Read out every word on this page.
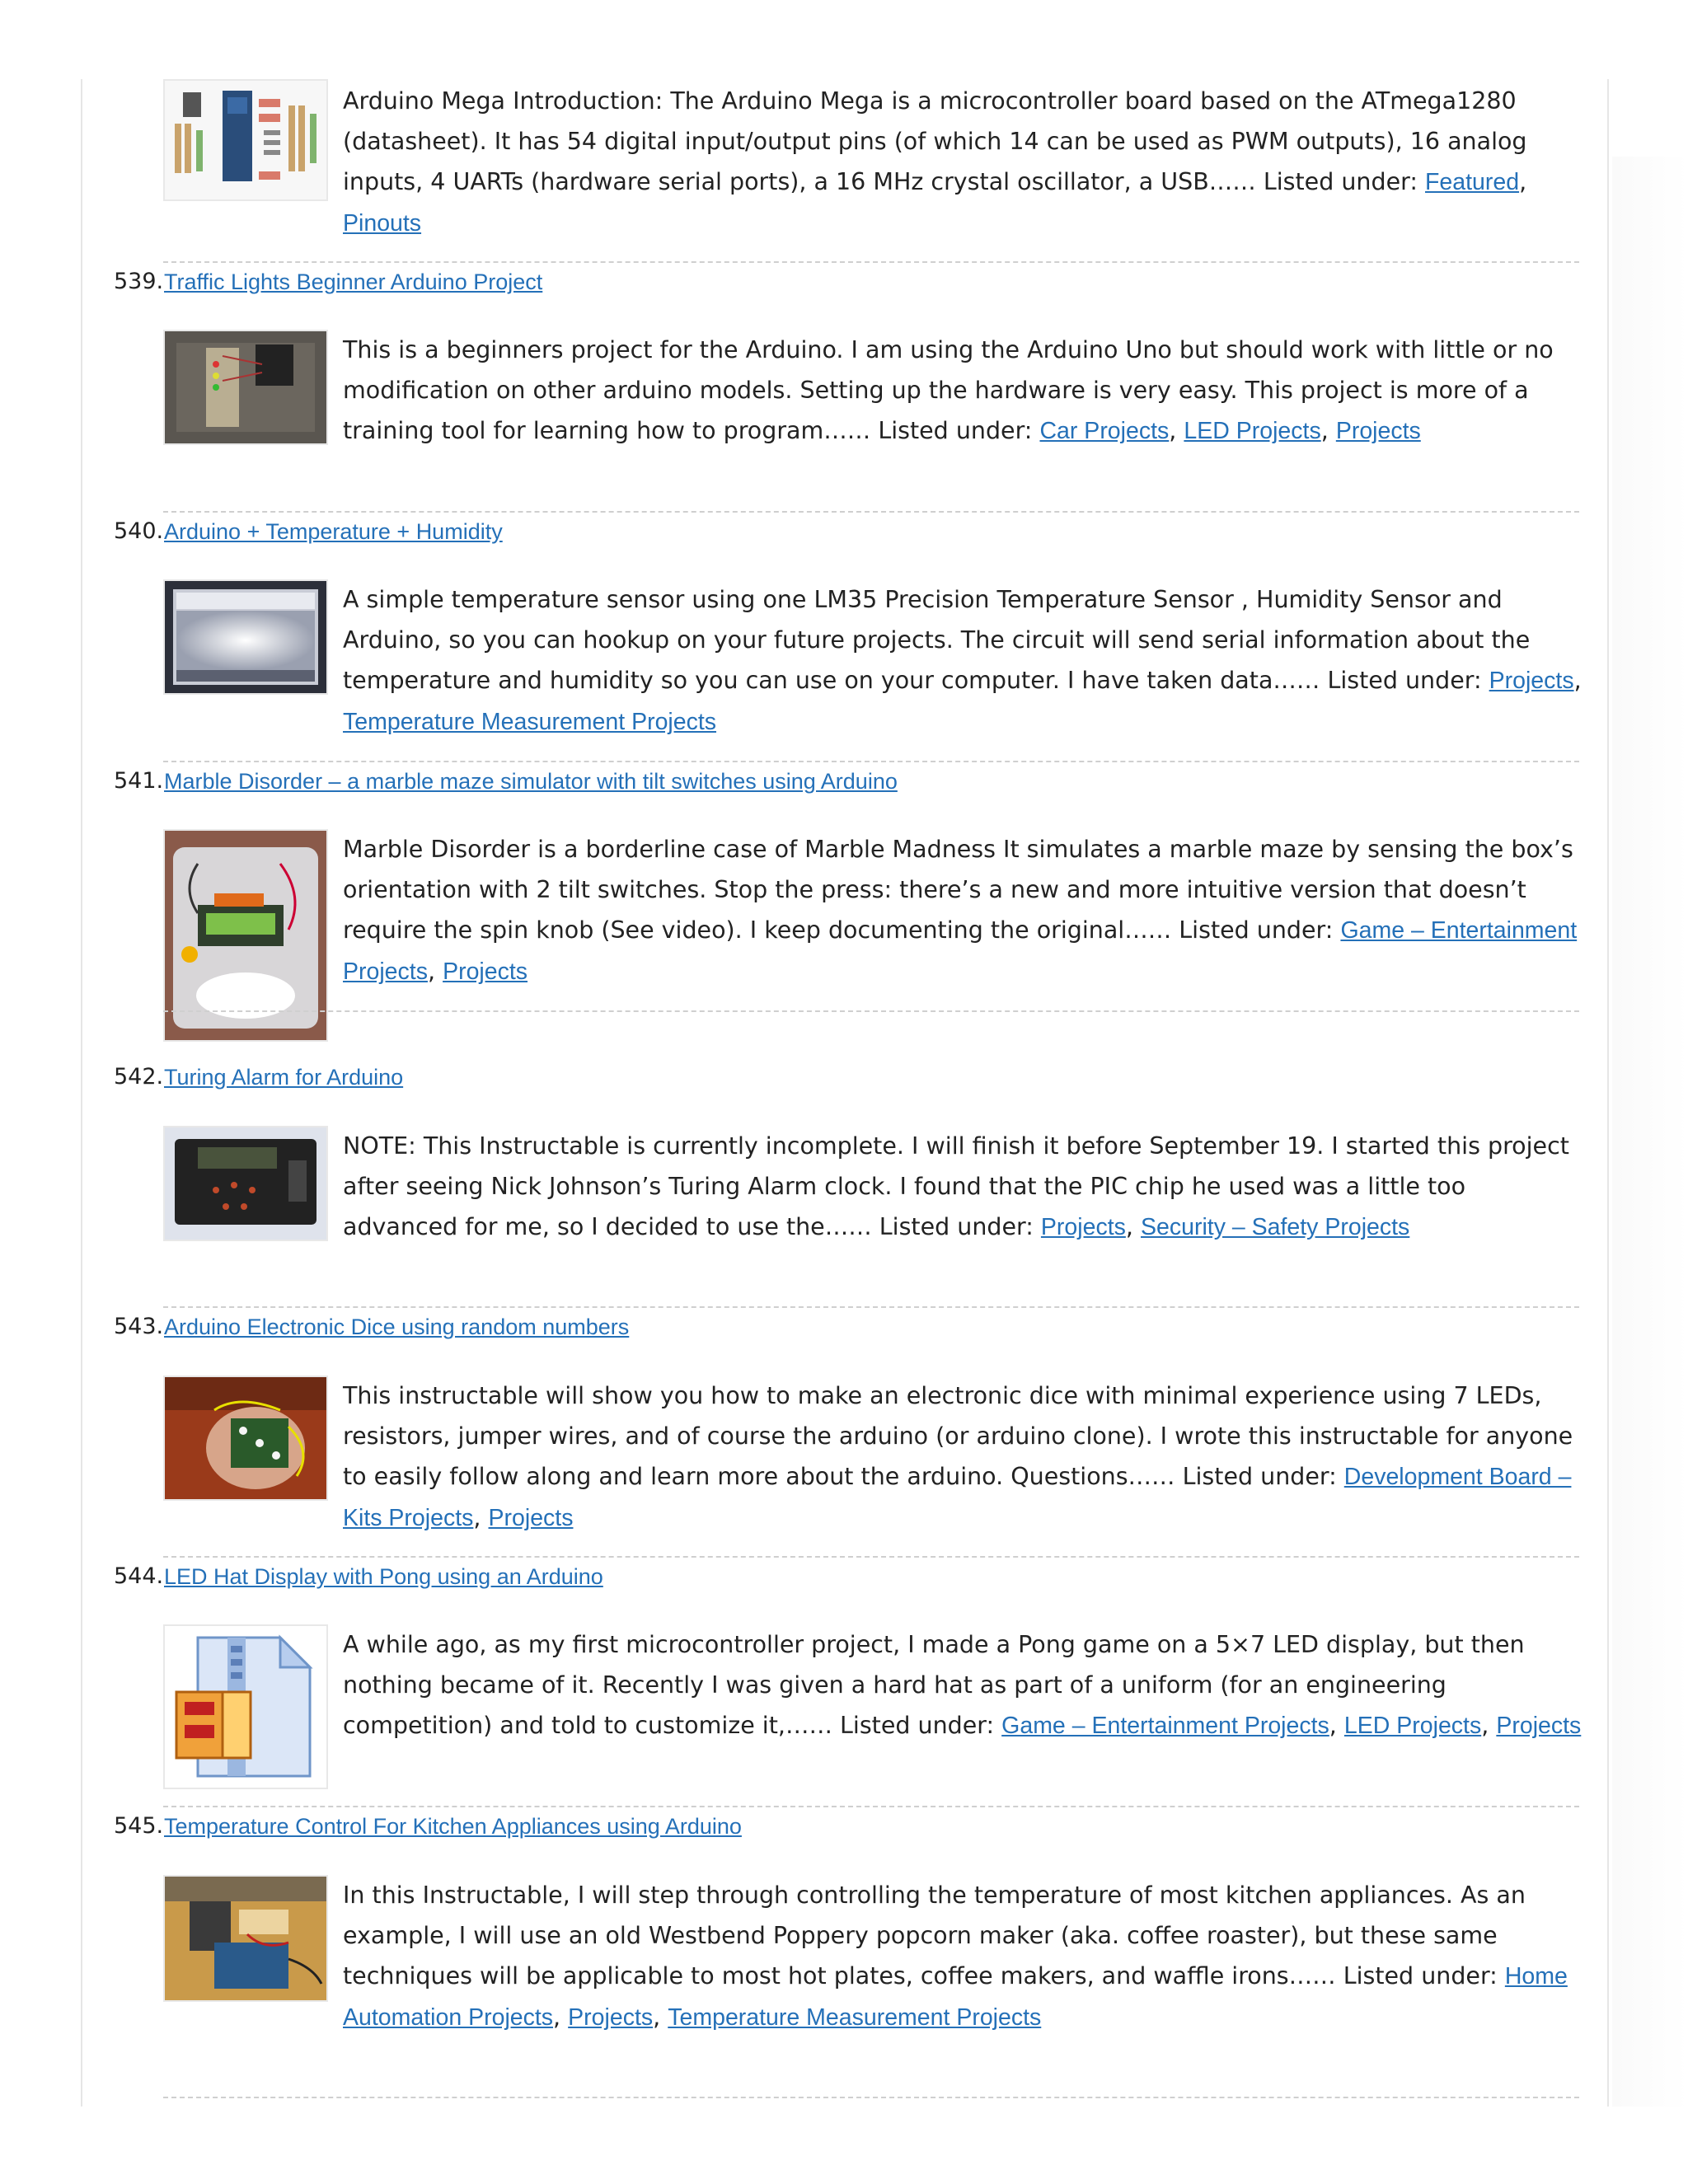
Arduino Mega Introduction: The Arduino Mega is a microcontroller board based on the ATmega1280 (datasheet). It has 54 digital input/output pins (of which 14 can be used as PWM outputs), 16 analog inputs, 4 UARTs (hardware serial ports), a 16 MHz crystal oscillator, a USB…… Listed under: Featured, Pinouts
539. Traffic Lights Beginner Arduino Project
This is a beginners project for the Arduino. I am using the Arduino Uno but should work with little or no modification on other arduino models. Setting up the hardware is very easy. This project is more of a training tool for learning how to program…… Listed under: Car Projects, LED Projects, Projects
540. Arduino + Temperature + Humidity
A simple temperature sensor using one LM35 Precision Temperature Sensor , Humidity Sensor and Arduino, so you can hookup on your future projects. The circuit will send serial information about the temperature and humidity so you can use on your computer. I have taken data…… Listed under: Projects, Temperature Measurement Projects
541. Marble Disorder – a marble maze simulator with tilt switches using Arduino
Marble Disorder is a borderline case of Marble Madness It simulates a marble maze by sensing the box’s orientation with 2 tilt switches. Stop the press: there’s a new and more intuitive version that doesn’t require the spin knob (See video). I keep documenting the original…… Listed under: Game – Entertainment Projects, Projects
542. Turing Alarm for Arduino
NOTE: This Instructable is currently incomplete. I will finish it before September 19. I started this project after seeing Nick Johnson’s Turing Alarm clock. I found that the PIC chip he used was a little too advanced for me, so I decided to use the…… Listed under: Projects, Security – Safety Projects
543. Arduino Electronic Dice using random numbers
This instructable will show you how to make an electronic dice with minimal experience using 7 LEDs, resistors, jumper wires, and of course the arduino (or arduino clone). I wrote this instructable for anyone to easily follow along and learn more about the arduino. Questions…… Listed under: Development Board – Kits Projects, Projects
544. LED Hat Display with Pong using an Arduino
A while ago, as my first microcontroller project, I made a Pong game on a 5×7 LED display, but then nothing became of it. Recently I was given a hard hat as part of a uniform (for an engineering competition) and told to customize it,…… Listed under: Game – Entertainment Projects, LED Projects, Projects
545. Temperature Control For Kitchen Appliances using Arduino
In this Instructable, I will step through controlling the temperature of most kitchen appliances. As an example, I will use an old Westbend Poppery popcorn maker (aka. coffee roaster), but these same techniques will be applicable to most hot plates, coffee makers, and waffle irons…… Listed under: Home Automation Projects, Projects, Temperature Measurement Projects
